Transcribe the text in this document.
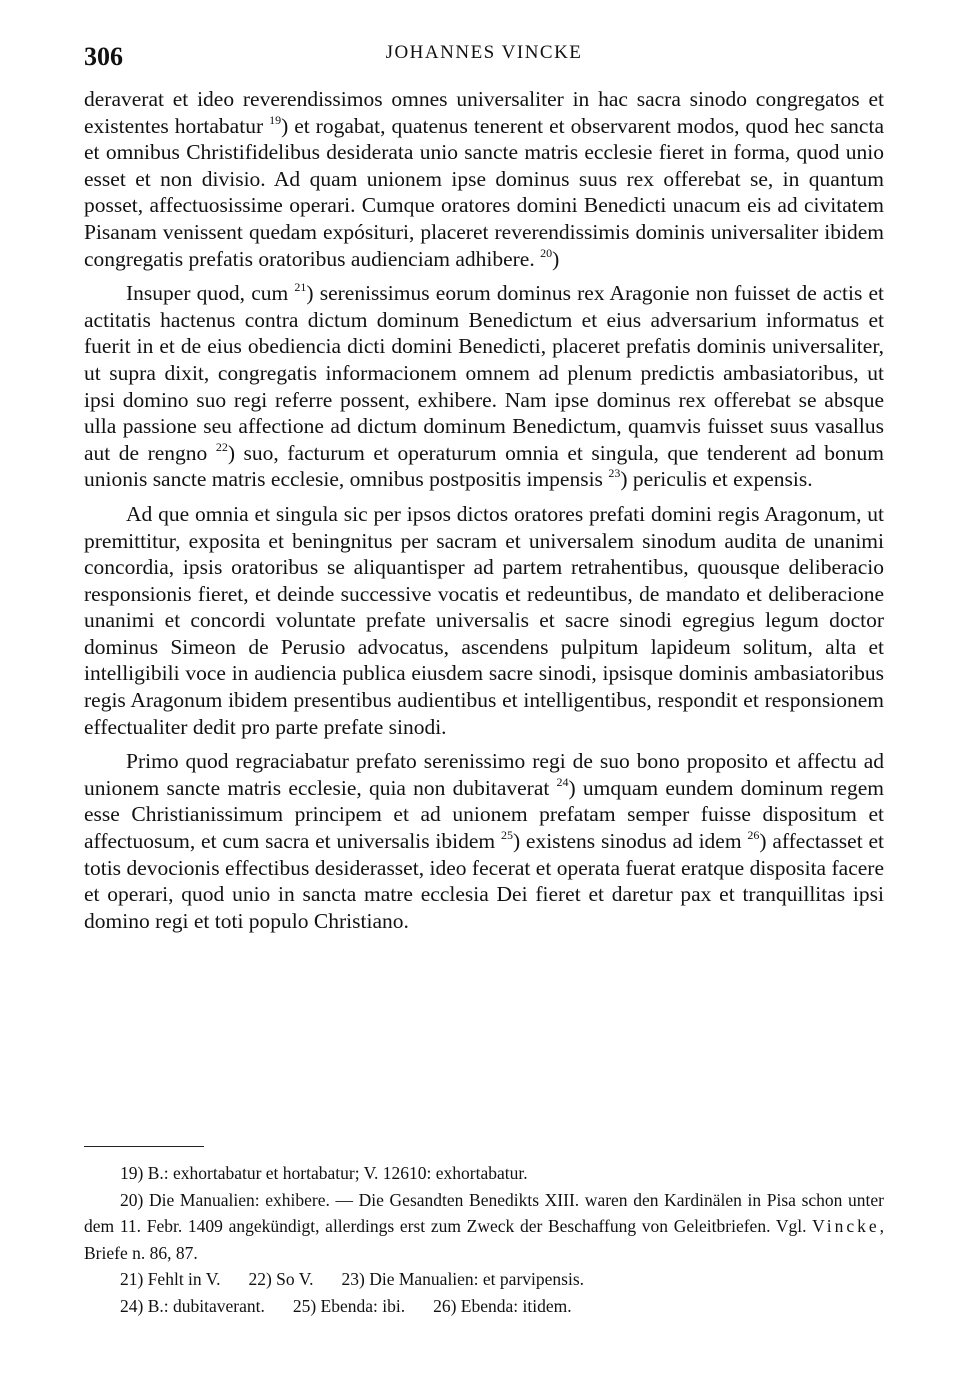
306	JOHANNES VINCKE

deraverat et ideo reverendissimos omnes universaliter in hac sacra sinodo congregatos et existentes hortabatur $^{19}$) et rogabat, quatenus tenerent et observarent modos, quod hec sancta et omnibus Christifidelibus desiderata unio sancte matris ecclesie fieret in forma, quod unio esset et non divisio. Ad quam unionem ipse dominus suus rex offerebat se, in quantum posset, affectuosissime operari. Cumque oratores domini Benedicti unacum eis ad civitatem Pisanam venissent quedam expósituri, placeret reverendissimis dominis universaliter ibidem congregatis prefatis oratoribus audienciam adhibere. $^{20}$)

Insuper quod, cum $^{21}$) serenissimus eorum dominus rex Aragonie non fuisset de actis et actitatis hactenus contra dictum dominum Benedictum et eius adversarium informatus et fuerit in et de eius obediencia dicti domini Benedicti, placeret prefatis dominis universaliter, ut supra dixit, congregatis informacionem omnem ad plenum predictis ambasiatoribus, ut ipsi domino suo regi referre possent, exhibere. Nam ipse dominus rex offerebat se absque ulla passione seu affectione ad dictum dominum Benedictum, quamvis fuisset suus vasallus aut de rengno $^{22}$) suo, facturum et operaturum omnia et singula, que tenderent ad bonum unionis sancte matris ecclesie, omnibus postpositis impensis $^{23}$) periculis et expensis.

Ad que omnia et singula sic per ipsos dictos oratores prefati domini regis Aragonum, ut premittitur, exposita et beningnitus per sacram et universalem sinodum audita de unanimi concordia, ipsis oratoribus se aliquantisper ad partem retrahentibus, quousque deliberacio responsionis fieret, et deinde successive vocatis et redeuntibus, de mandato et deliberacione unanimi et concordi voluntate prefate universalis et sacre sinodi egregius legum doctor dominus Simeon de Perusio advocatus, ascendens pulpitum lapideum solitum, alta et intelligibili voce in audiencia publica eiusdem sacre sinodi, ipsisque dominis ambasiatoribus regis Aragonum ibidem presentibus audientibus et intelligentibus, respondit et responsionem effectualiter dedit pro parte prefate sinodi.

Primo quod regraciabatur prefato serenissimo regi de suo bono proposito et affectu ad unionem sancte matris ecclesie, quia non dubitaverat $^{24}$) umquam eundem dominum regem esse Christianissimum principem et ad unionem prefatam semper fuisse dispositum et affectuosum, et cum sacra et universalis ibidem $^{25}$) existens sinodus ad idem $^{26}$) affectasset et totis devocionis effectibus desiderasset, ideo fecerat et operata fuerat eratque disposita facere et operari, quod unio in sancta matre ecclesia Dei fieret et daretur pax et tranquillitas ipsi domino regi et toti populo Christiano.

19) B.: exhortabatur et hortabatur; V. 12610: exhortabatur.

20) Die Manualien: exhibere. — Die Gesandten Benedikts XIII. waren den Kardinälen in Pisa schon unter dem 11. Febr. 1409 angekündigt, allerdings erst zum Zweck der Beschaffung von Geleitbriefen. Vgl. Vincke, Briefe n. 86, 87.

21) Fehlt in V. 22) So V. 23) Die Manualien: et parvipensis.

24) B.: dubitaverant. 25) Ebenda: ibi. 26) Ebenda: itidem.
